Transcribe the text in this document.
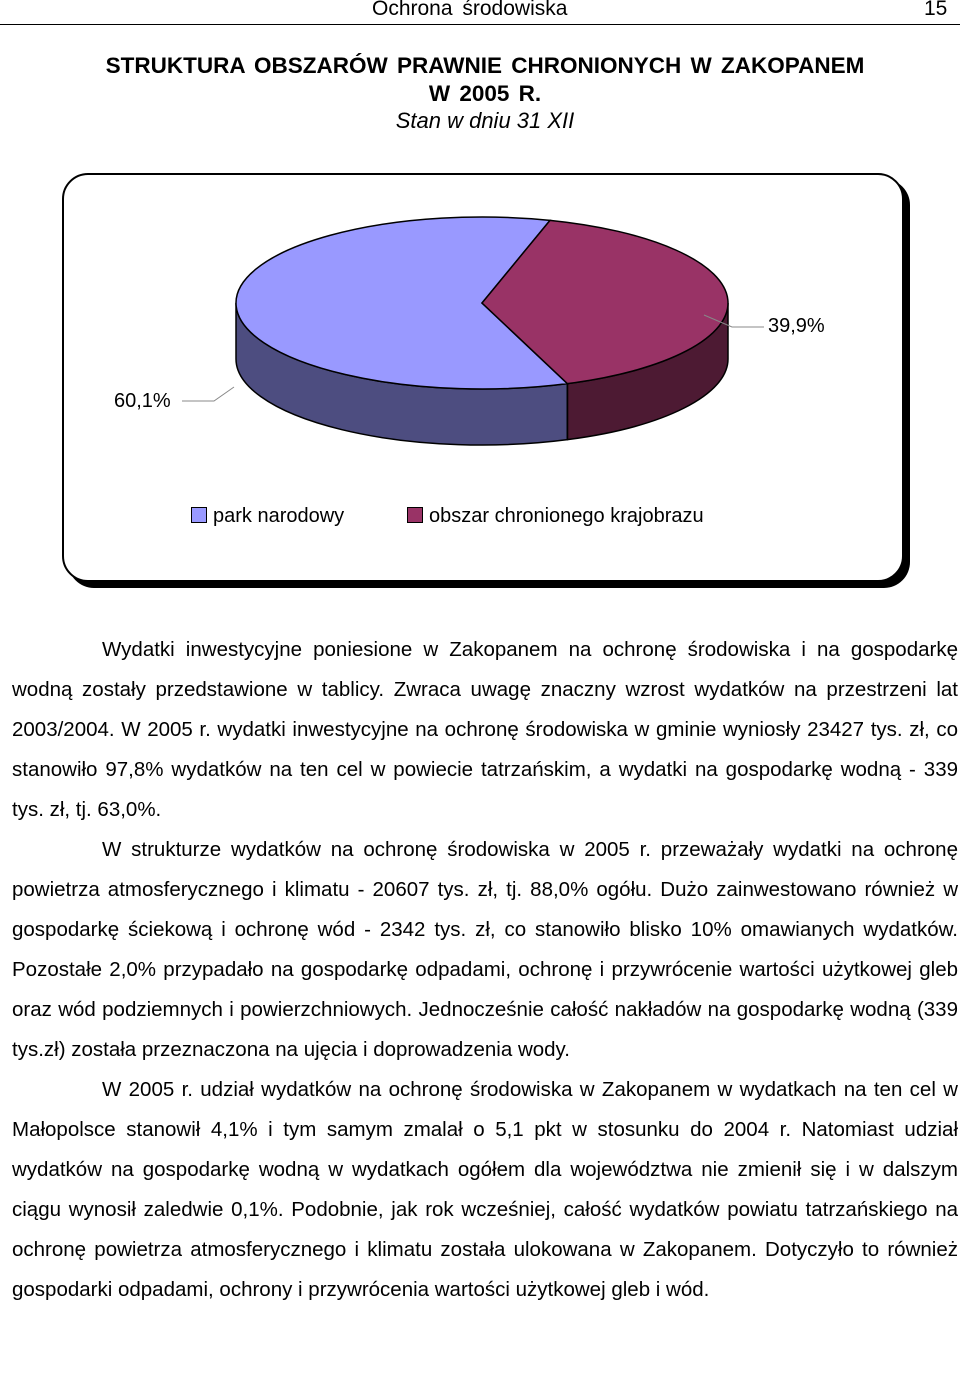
Ochrona środowiska	15
STRUKTURA OBSZARÓW PRAWNIE CHRONIONYCH W ZAKOPANEM
W 2005 R.
Stan w dniu 31 XII
60,1%
39,9%
park narodowy	obszar chronionego krajobrazu

Wydatki inwestycyjne poniesione w Zakopanem na ochronę środowiska i na gospodarkę wodną zostały przedstawione w tablicy. Zwraca uwagę znaczny wzrost wydatków na przestrzeni lat 2003/2004. W 2005 r. wydatki inwestycyjne na ochronę środowiska w gminie wyniosły 23427 tys. zł, co stanowiło 97,8% wydatków na ten cel w powiecie tatrzańskim, a wydatki na gospodarkę wodną - 339 tys. zł, tj. 63,0%.

W strukturze wydatków na ochronę środowiska w 2005 r. przeważały wydatki na ochronę powietrza atmosferycznego i klimatu - 20607 tys. zł, tj. 88,0% ogółu. Dużo zainwestowano również w gospodarkę ściekową i ochronę wód - 2342 tys. zł, co stanowiło blisko 10% omawianych wydatków. Pozostałe 2,0% przypadało na gospodarkę odpadami, ochronę i przywrócenie wartości użytkowej gleb oraz wód podziemnych i powierzchniowych. Jednocześnie całość nakładów na gospodarkę wodną (339 tys.zł) została przeznaczona na ujęcia i doprowadzenia wody.

W 2005 r. udział wydatków na ochronę środowiska w Zakopanem w wydatkach na ten cel w Małopolsce stanowił 4,1% i tym samym zmalał o 5,1 pkt w stosunku do 2004 r. Natomiast udział wydatków na gospodarkę wodną w wydatkach ogółem dla województwa nie zmienił się i w dalszym ciągu wynosił zaledwie 0,1%. Podobnie, jak rok wcześniej, całość wydatków powiatu tatrzańskiego na ochronę powietrza atmosferycznego i klimatu została ulokowana w Zakopanem. Dotyczyło to również gospodarki odpadami, ochrony i przywrócenia wartości użytkowej gleb i wód.
